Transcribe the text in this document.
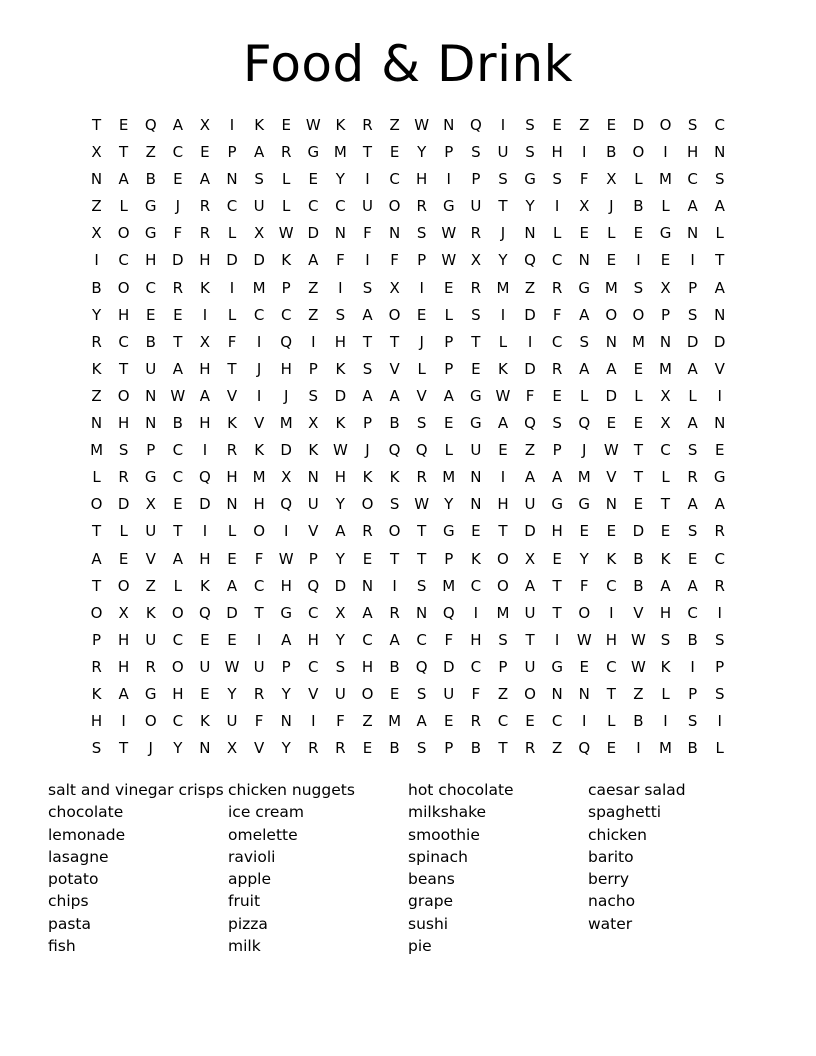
Food & Drink
T E Q A X I K E W K R Z W N Q I S E Z E D O S C
X T Z C E P A R G M T E Y P S U S H I B O I H N
N A B E A N S L E Y I C H I P S G S F X L M C S
Z L G J R C U L C C U O R G U T Y I X J B L A A
X O G F R L X W D N F N S W R J N L E L E G N L
I C H D H D D K A F I F P W X Y Q C N E I E I T
B O C R K I M P Z I S X I E R M Z R G M S X P A
Y H E E I L C C Z S A O E L S I D F A O O P S N
R C B T X F I Q I H T T J P T L I C S N M N D D
K T U A H T J H P K S V L P E K D R A A E M A V
Z O N W A V I J S D A A V A G W F E L D L X L I
N H N B H K V M X K P B S E G A Q S Q E E X A N
M S P C I R K D K W J Q Q L U E Z P J W T C S E
L R G C Q H M X N H K K R M N I A A M V T L R G
O D X E D N H Q U Y O S W Y N H U G G N E T A A
T L U T I L O I V A R O T G E T D H E E D E S R
A E V A H E F W P Y E T T P K O X E Y K B K E C
T O Z L K A C H Q D N I S M C O A T F C B A A R
O X K O Q D T G C X A R N Q I M U T O I V H C I
P H U C E E I A H Y C A C F H S T I W H W S B S
R H R O U W U P C S H B Q D C P U G E C W K I P
K A G H E Y R Y V U O E S U F Z O N N T Z L P S
H I O C K U F N I F Z M A E R C E C I L B I S I
S T J Y N X V Y R R E B S P B T R Z Q E I M B L
salt and vinegar crisps
chocolate
lemonade
lasagne
potato
chips
pasta
fish
chicken nuggets
ice cream
omelette
ravioli
apple
fruit
pizza
milk
hot chocolate
milkshake
smoothie
spinach
beans
grape
sushi
pie
caesar salad
spaghetti
chicken
barito
berry
nacho
water
